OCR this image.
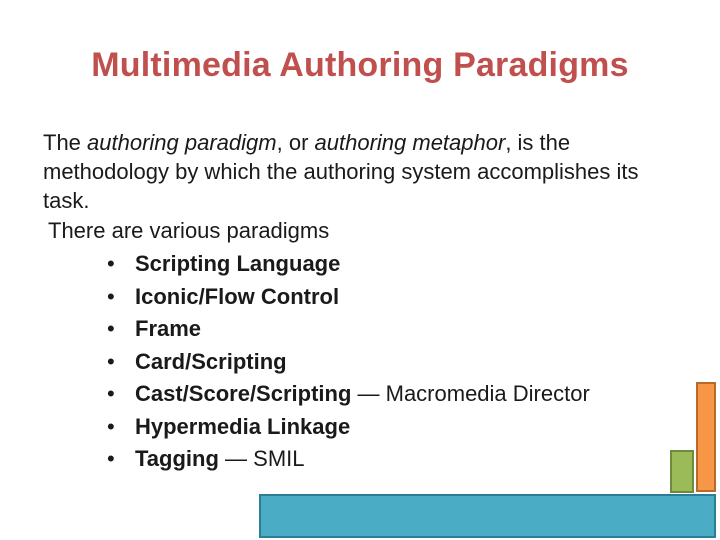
Multimedia Authoring Paradigms

The authoring paradigm, or authoring metaphor, is the methodology by which the authoring system accomplishes its task.

There are various paradigms

• Scripting Language
• Iconic/Flow Control
• Frame
• Card/Scripting
• Cast/Score/Scripting — Macromedia Director
• Hypermedia Linkage
• Tagging — SMIL
